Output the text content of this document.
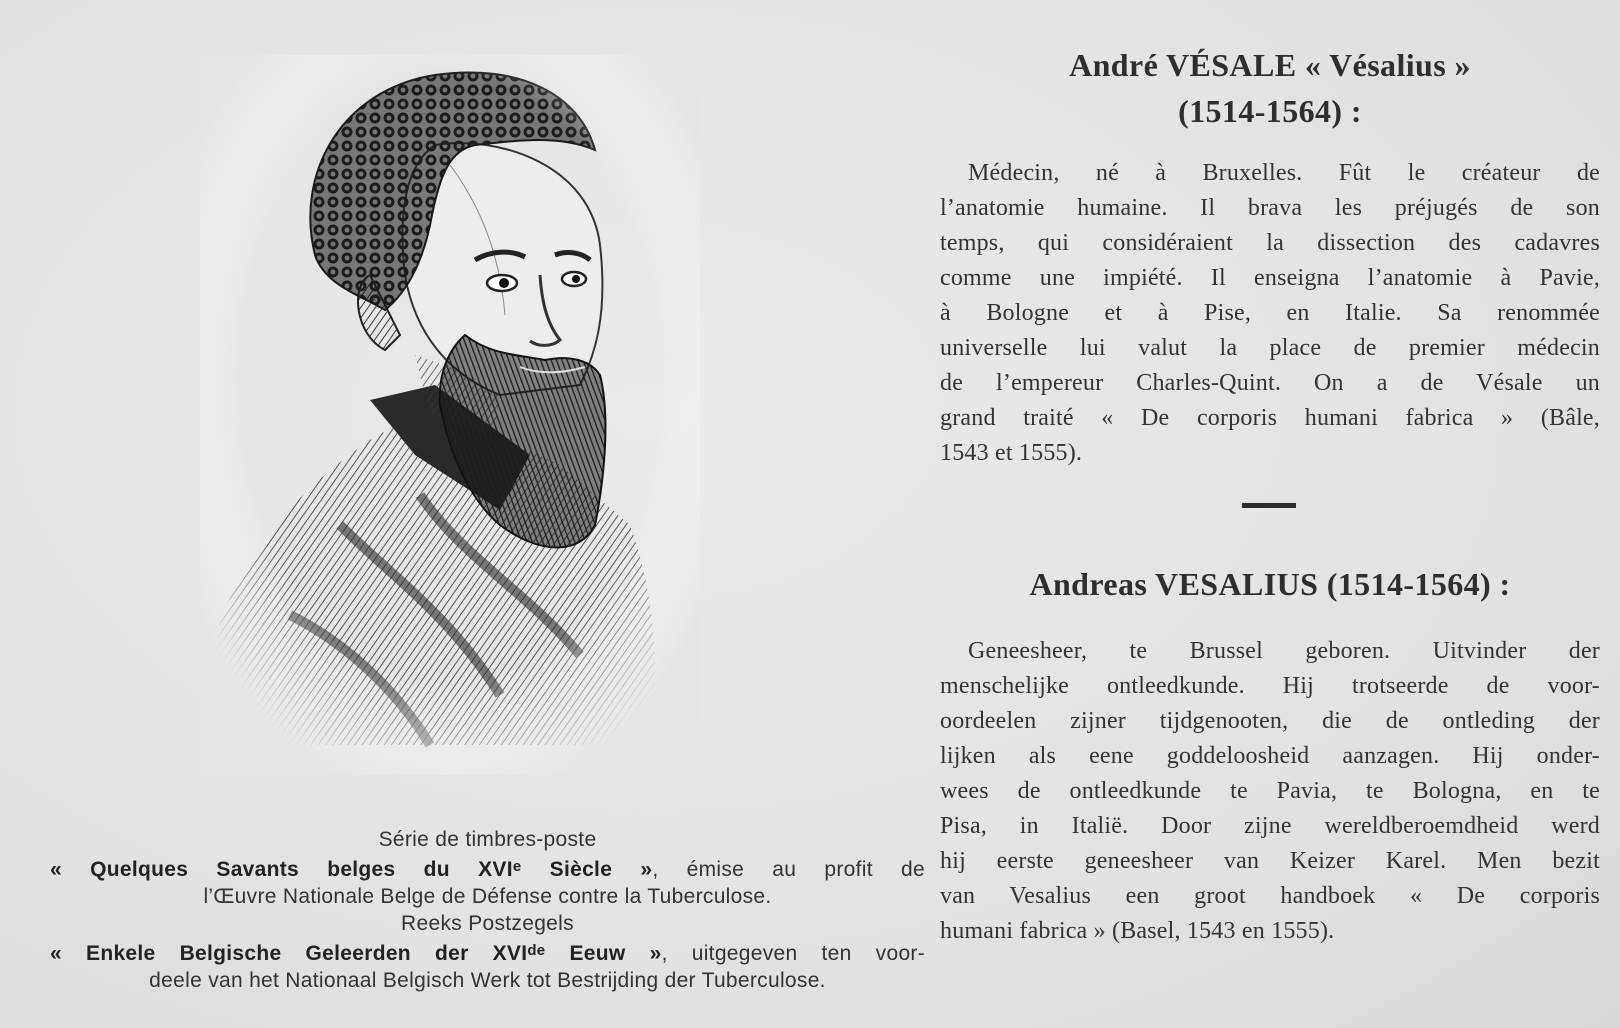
Série de timbres-poste
« Quelques Savants belges du XVIe Siècle », émise au profit de
l’Œuvre Nationale Belge de Défense contre la Tuberculose.
Reeks Postzegels
« Enkele Belgische Geleerden der XVIde Eeuw », uitgegeven ten voor-
deele van het Nationaal Belgisch Werk tot Bestrijding der Tuberculose.
André VÉSALE « Vésalius »
(1514-1564) :
Médecin, né à Bruxelles. Fût le créateur de
l’anatomie humaine. Il brava les préjugés de son
temps, qui considéraient la dissection des cadavres
comme une impiété. Il enseigna l’anatomie à Pavie,
à Bologne et à Pise, en Italie. Sa renommée
universelle lui valut la place de premier médecin
de l’empereur Charles-Quint. On a de Vésale un
grand traité « De corporis humani fabrica » (Bâle,
1543 et 1555).
Andreas VESALIUS (1514-1564) :
Geneesheer, te Brussel geboren. Uitvinder der
menschelijke ontleedkunde. Hij trotseerde de voor-
oordeelen zijner tijdgenooten, die de ontleding der
lijken als eene goddeloosheid aanzagen. Hij onder-
wees de ontleedkunde te Pavia, te Bologna, en te
Pisa, in Italië. Door zijne wereldberoemdheid werd
hij eerste geneesheer van Keizer Karel. Men bezit
van Vesalius een groot handboek « De corporis
humani fabrica » (Basel, 1543 en 1555).
